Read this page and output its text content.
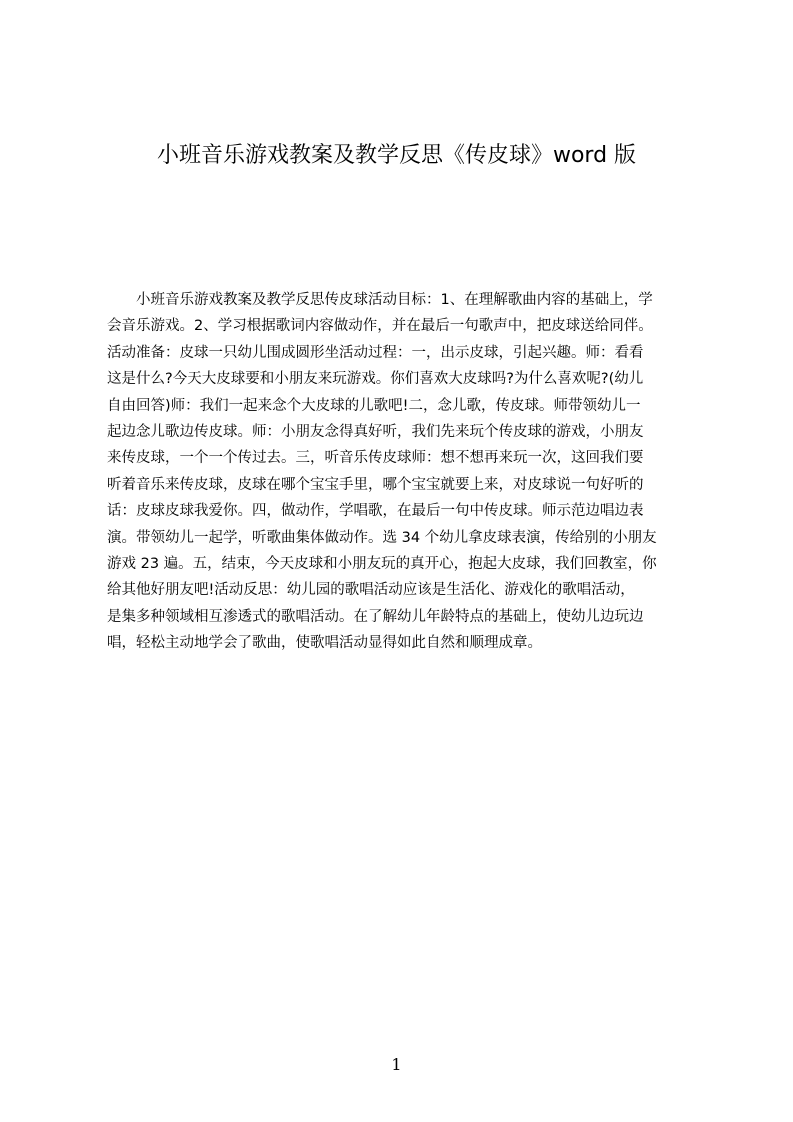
小班音乐游戏教案及教学反思《传皮球》word 版
　　小班音乐游戏教案及教学反思传皮球活动目标：1、在理解歌曲内容的基础上，学
会音乐游戏。2、学习根据歌词内容做动作，并在最后一句歌声中，把皮球送给同伴。
活动准备：皮球一只幼儿围成圆形坐活动过程：一，出示皮球，引起兴趣。师：看看
这是什么?今天大皮球要和小朋友来玩游戏。你们喜欢大皮球吗?为什么喜欢呢?(幼儿
自由回答)师：我们一起来念个大皮球的儿歌吧!二，念儿歌，传皮球。师带领幼儿一
起边念儿歌边传皮球。师：小朋友念得真好听，我们先来玩个传皮球的游戏，小朋友
来传皮球，一个一个传过去。三，听音乐传皮球师：想不想再来玩一次，这回我们要
听着音乐来传皮球，皮球在哪个宝宝手里，哪个宝宝就要上来，对皮球说一句好听的
话：皮球皮球我爱你。四，做动作，学唱歌，在最后一句中传皮球。师示范边唱边表
演。带领幼儿一起学，听歌曲集体做动作。选 34 个幼儿拿皮球表演，传给别的小朋友
游戏 23 遍。五，结束，今天皮球和小朋友玩的真开心，抱起大皮球，我们回教室，你
给其他好朋友吧!活动反思：幼儿园的歌唱活动应该是生活化、游戏化的歌唱活动，
是集多种领域相互渗透式的歌唱活动。在了解幼儿年龄特点的基础上，使幼儿边玩边
唱，轻松主动地学会了歌曲，使歌唱活动显得如此自然和顺理成章。
1
